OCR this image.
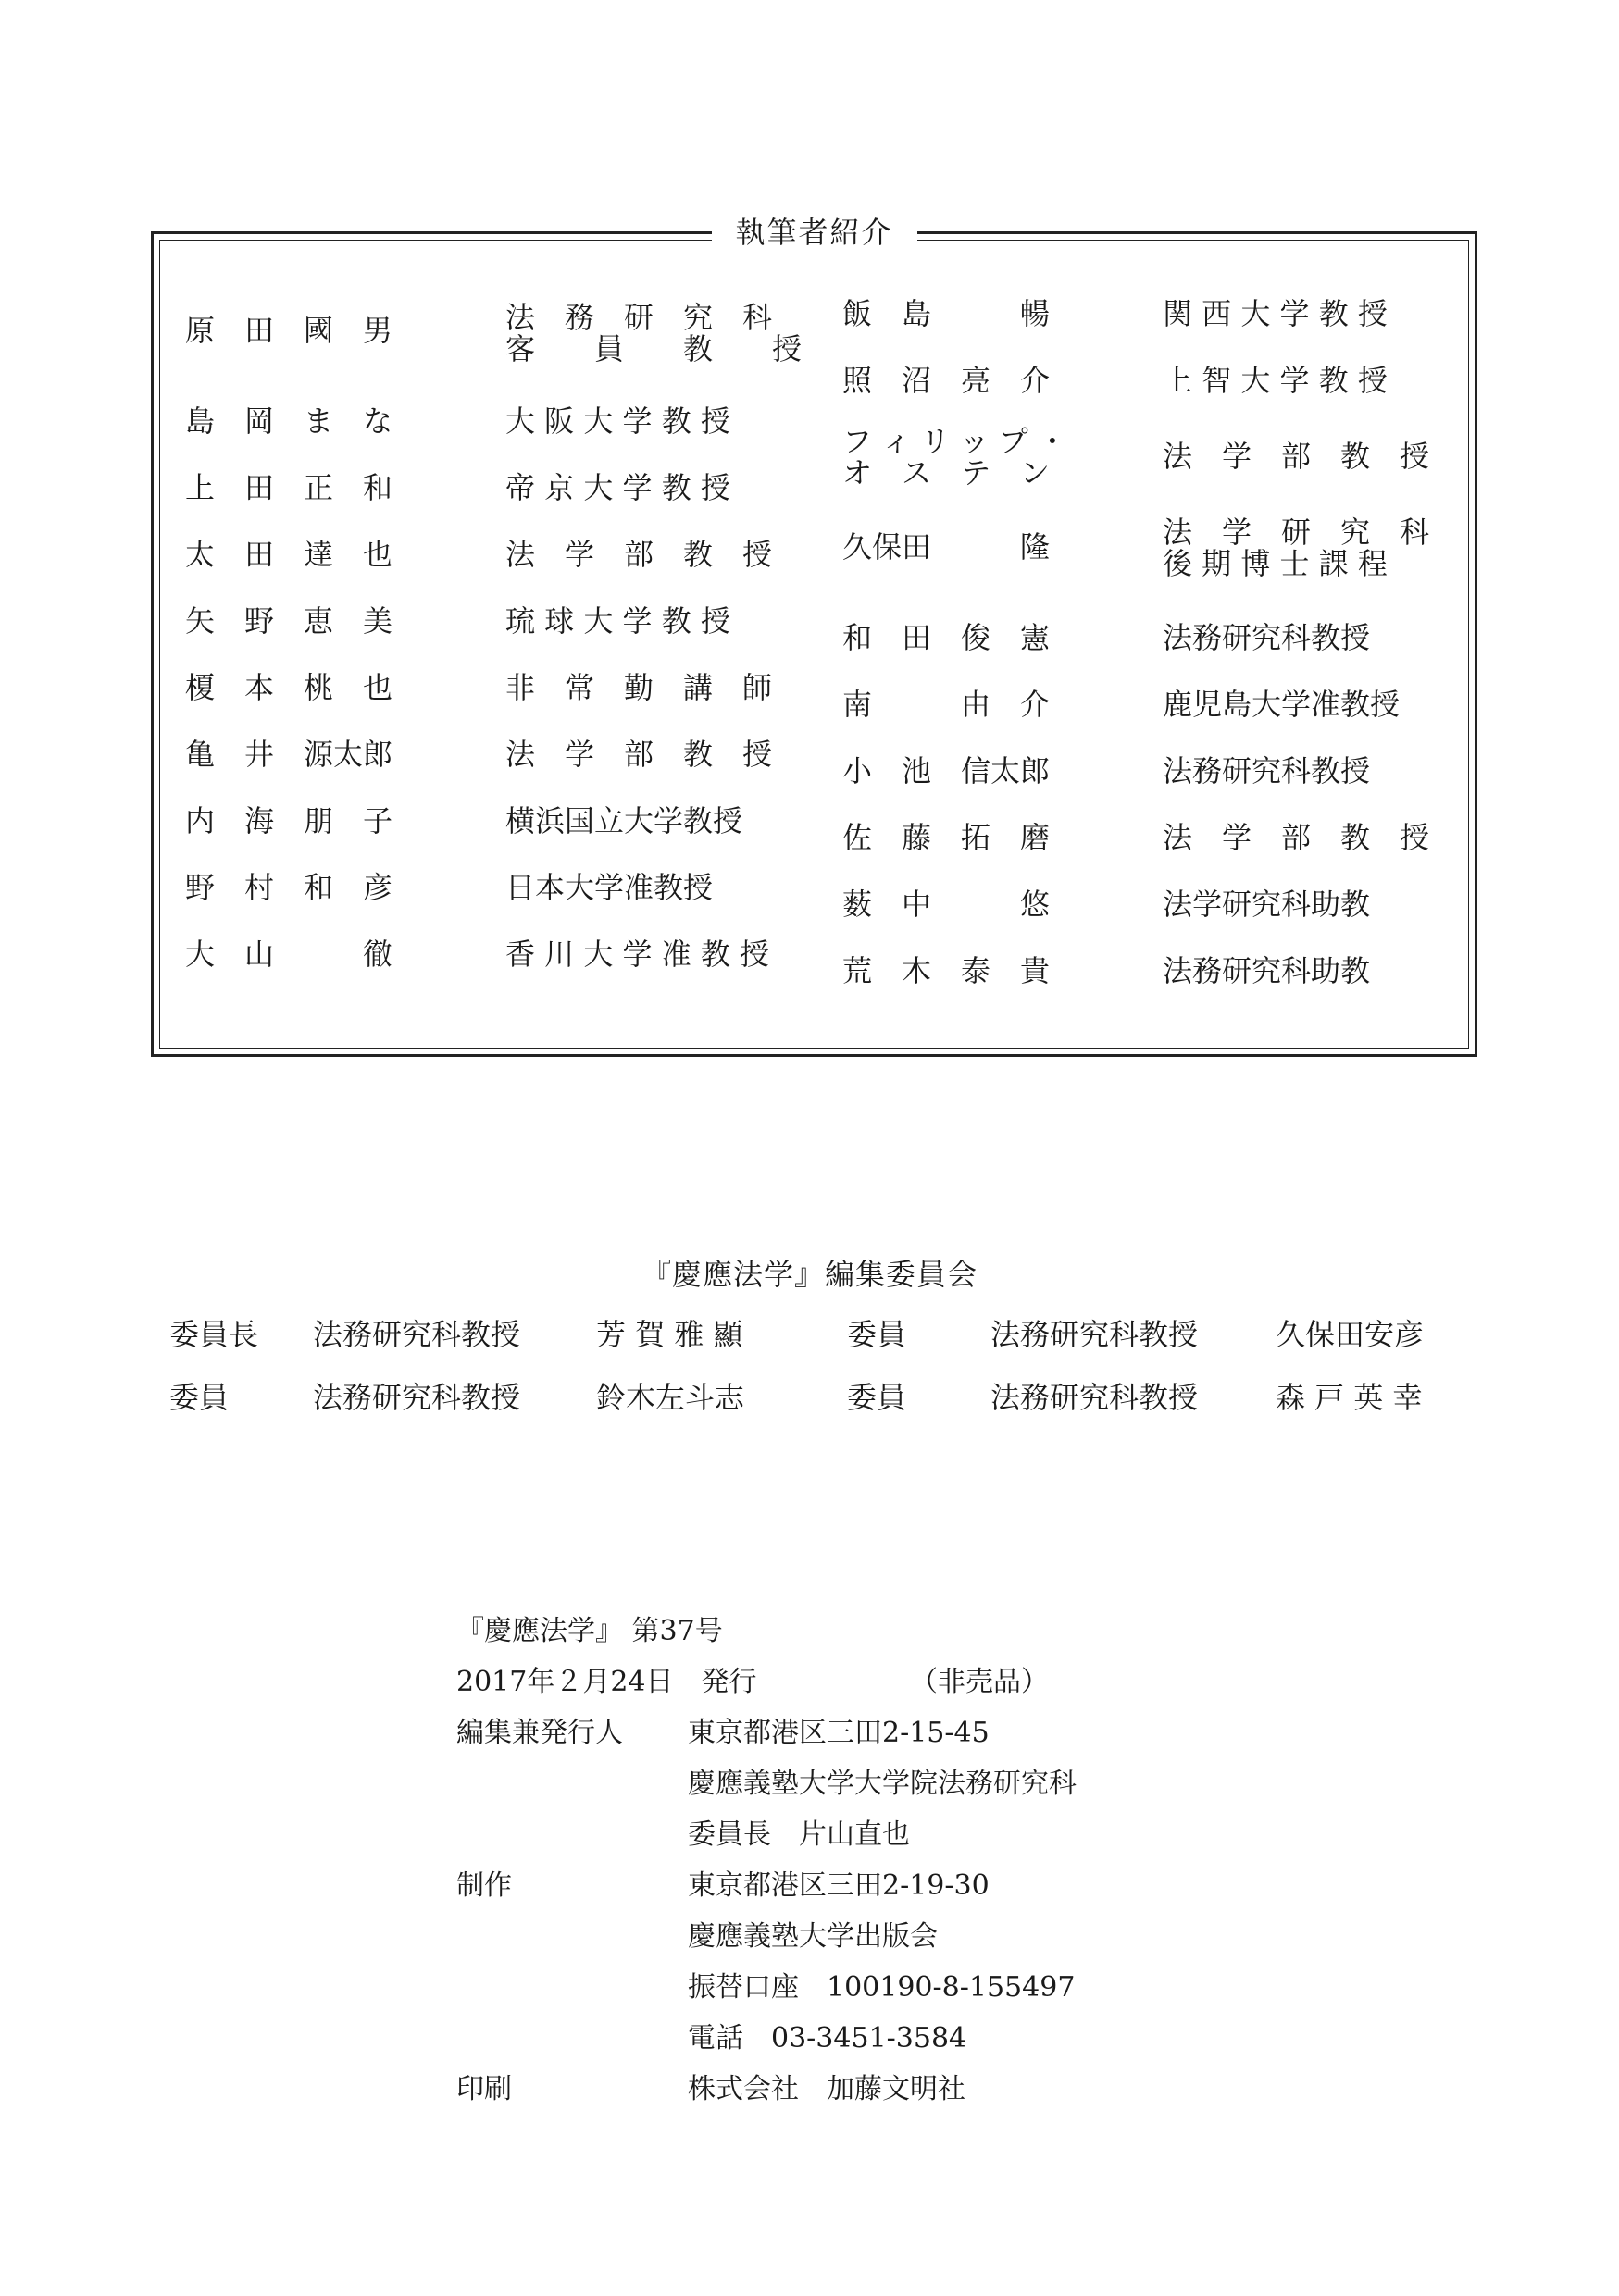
執筆者紹介
原　田　國　男	法　務　研　究　科
客　　員　　教　　授
島　岡　ま　な	大 阪 大 学 教 授
上　田　正　和	帝 京 大 学 教 授
太　田　達　也	法　学　部　教　授
矢　野　恵　美	琉 球 大 学 教 授
榎　本　桃　也	非　常　勤　講　師
亀　井　源太郎	法　学　部　教　授
内　海　朋　子	横浜国立大学教授
野　村　和　彦	日本大学准教授
大　山　　　徹	香 川 大 学 准 教 授
飯　島　　　暢	関 西 大 学 教 授
照　沼　亮　介	上 智 大 学 教 授
フ ィ リ ッ プ ・
オ　ス　テ　ン	法　学　部　教　授
久保田　　　隆	法　学　研　究　科
後 期 博 士 課 程
和　田　俊　憲	法務研究科教授
南　　　由　介	鹿児島大学准教授
小　池　信太郎	法務研究科教授
佐　藤　拓　磨	法　学　部　教　授
薮　中　　　悠	法学研究科助教
荒　木　泰　貴	法務研究科助教
『慶應法学』編集委員会
委員長 法務研究科教授	芳 賀 雅 顯	委員	法務研究科教授	久保田安彦
委員	法務研究科教授	鈴木左斗志	委員	法務研究科教授	森 戸 英 幸
『慶應法学』 第37号
2017年２月24日　発行	（非売品）
編集兼発行人 東京都港区三田2-15-45
慶應義塾大学大学院法務研究科
委員長　片山直也
制作	東京都港区三田2-19-30
慶應義塾大学出版会
振替口座　100190-8-155497
電話　03-3451-3584
印刷	株式会社　加藤文明社
